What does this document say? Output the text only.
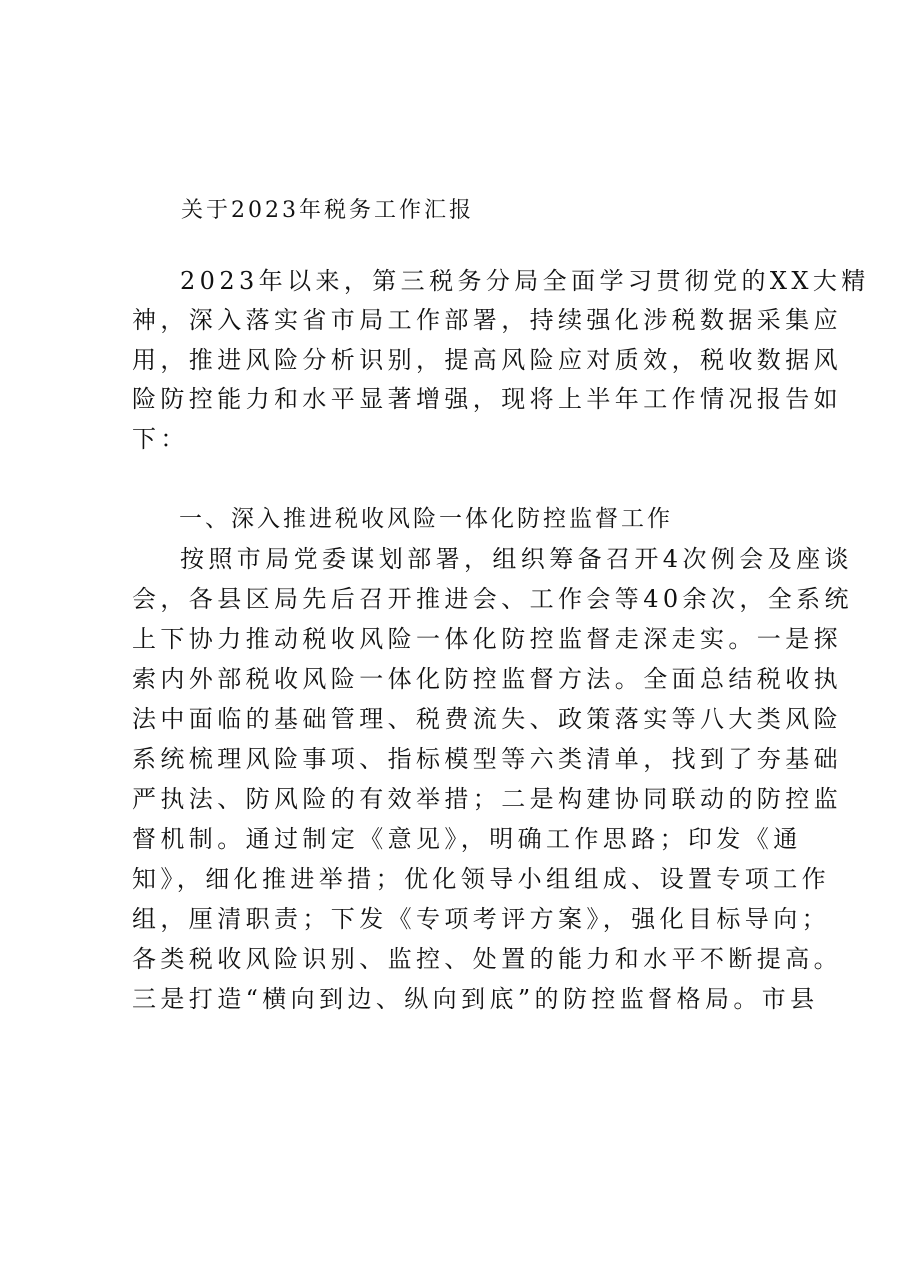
关于2023年税务工作汇报
2023年以来，第三税务分局全面学习贯彻党的XX大精
神，深入落实省市局工作部署，持续强化涉税数据采集应
用，推进风险分析识别，提高风险应对质效，税收数据风
险防控能力和水平显著增强，现将上半年工作情况报告如
下：
一、深入推进税收风险一体化防控监督工作
按照市局党委谋划部署，组织筹备召开4次例会及座谈
会，各县区局先后召开推进会、工作会等40余次，全系统
上下协力推动税收风险一体化防控监督走深走实。一是探
索内外部税收风险一体化防控监督方法。全面总结税收执
法中面临的基础管理、税费流失、政策落实等八大类风险
系统梳理风险事项、指标模型等六类清单，找到了夯基础
严执法、防风险的有效举措；二是构建协同联动的防控监
督机制。通过制定《意见》，明确工作思路；印发《通
知》，细化推进举措；优化领导小组组成、设置专项工作
组，厘清职责；下发《专项考评方案》，强化目标导向；
各类税收风险识别、监控、处置的能力和水平不断提高。
三是打造“横向到边、纵向到底”的防控监督格局。市县
